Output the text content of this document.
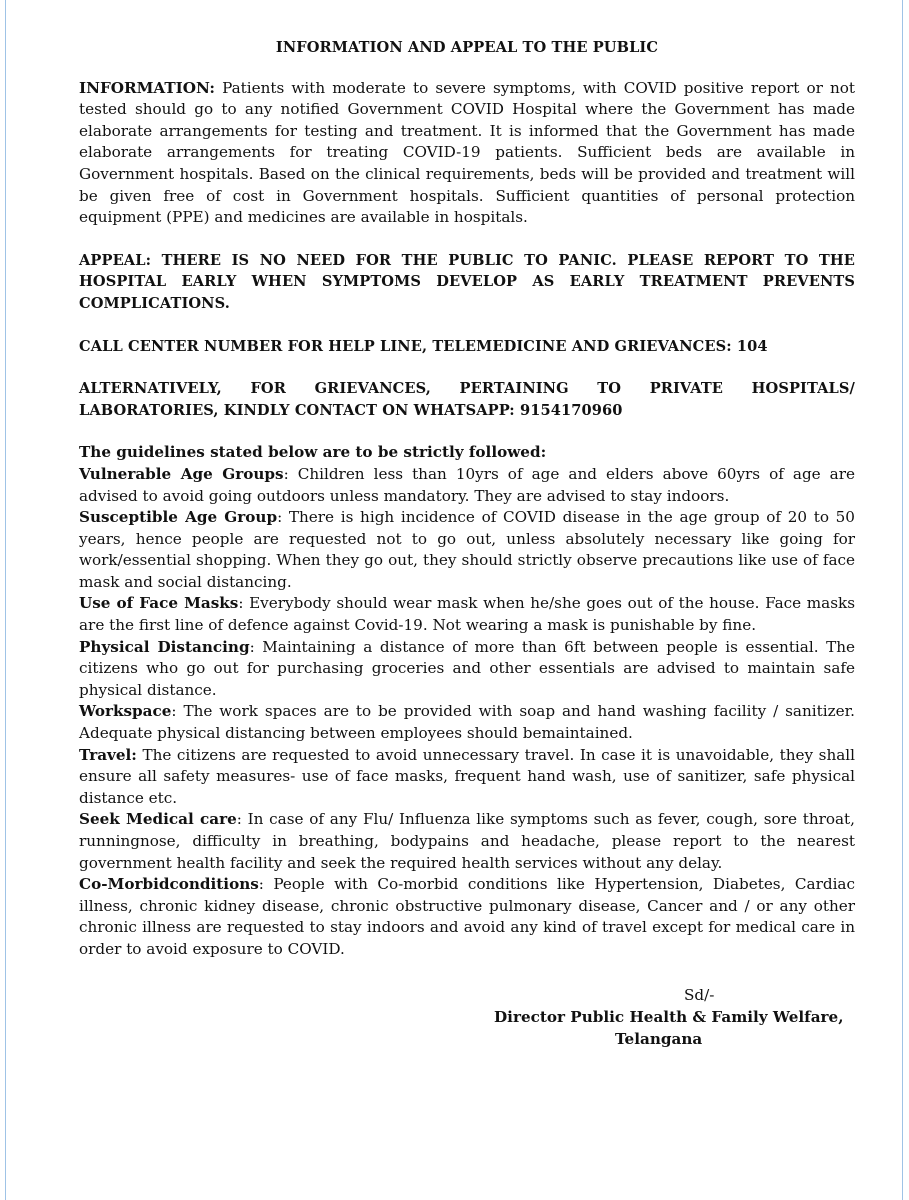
INFORMATION AND APPEAL TO THE PUBLIC
INFORMATION: Patients with moderate to severe symptoms, with COVID positive report or not tested should go to any notified Government COVID Hospital where the Government has made elaborate arrangements for testing and treatment. It is informed that the Government has made elaborate arrangements for treating COVID-19 patients. Sufficient beds are available in Government hospitals. Based on the clinical requirements, beds will be provided and treatment will be given free of cost in Government hospitals. Sufficient quantities of personal protection equipment (PPE) and medicines are available in hospitals.
APPEAL: THERE IS NO NEED FOR THE PUBLIC TO PANIC. PLEASE REPORT TO THE HOSPITAL EARLY WHEN SYMPTOMS DEVELOP AS EARLY TREATMENT PREVENTS COMPLICATIONS.
CALL CENTER NUMBER FOR HELP LINE, TELEMEDICINE AND GRIEVANCES: 104
ALTERNATIVELY, FOR GRIEVANCES, PERTAINING TO PRIVATE HOSPITALS/ LABORATORIES, KINDLY CONTACT ON WHATSAPP: 9154170960
The guidelines stated below are to be strictly followed:
Vulnerable Age Groups: Children less than 10yrs of age and elders above 60yrs of age are advised to avoid going outdoors unless mandatory. They are advised to stay indoors.
Susceptible Age Group: There is high incidence of COVID disease in the age group of 20 to 50 years, hence people are requested not to go out, unless absolutely necessary like going for work/essential shopping. When they go out, they should strictly observe precautions like use of face mask and social distancing.
Use of Face Masks: Everybody should wear mask when he/she goes out of the house. Face masks are the first line of defence against Covid-19. Not wearing a mask is punishable by fine.
Physical Distancing: Maintaining a distance of more than 6ft between people is essential. The citizens who go out for purchasing groceries and other essentials are advised to maintain safe physical distance.
Workspace: The work spaces are to be provided with soap and hand washing facility / sanitizer. Adequate physical distancing between employees should bemaintained.
Travel: The citizens are requested to avoid unnecessary travel. In case it is unavoidable, they shall ensure all safety measures- use of face masks, frequent hand wash, use of sanitizer, safe physical distance etc.
Seek Medical care: In case of any Flu/ Influenza like symptoms such as fever, cough, sore throat, runningnose, difficulty in breathing, bodypains and headache, please report to the nearest government health facility and seek the required health services without any delay.
Co-Morbidconditions: People with Co-morbid conditions like Hypertension, Diabetes, Cardiac illness, chronic kidney disease, chronic obstructive pulmonary disease, Cancer and / or any other chronic illness are requested to stay indoors and avoid any kind of travel except for medical care in order to avoid exposure to COVID.
Sd/-
Director Public Health & Family Welfare,
Telangana
